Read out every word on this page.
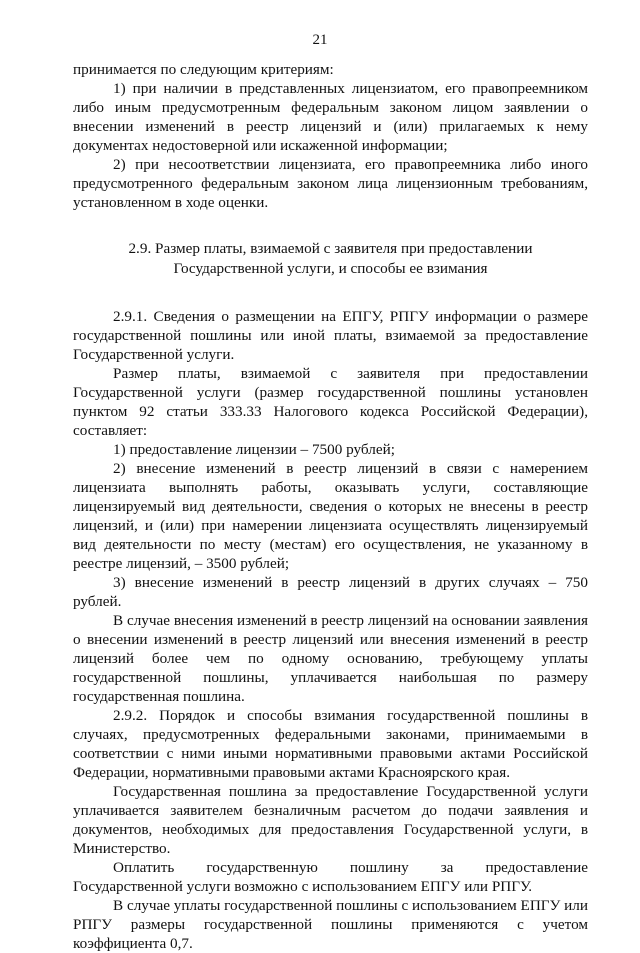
21

принимается по следующим критериям:

1) при наличии в представленных лицензиатом, его правопреемником либо иным предусмотренным федеральным законом лицом заявлении о внесении изменений в реестр лицензий и (или) прилагаемых к нему документах недостоверной или искаженной информации;

2) при несоответствии лицензиата, его правопреемника либо иного предусмотренного федеральным законом лица лицензионным требованиям, установленном в ходе оценки.

2.9. Размер платы, взимаемой с заявителя при предоставлении
Государственной услуги, и способы ее взимания

2.9.1. Сведения о размещении на ЕПГУ, РПГУ информации о размере государственной пошлины или иной платы, взимаемой за предоставление Государственной услуги.

Размер платы, взимаемой с заявителя при предоставлении Государственной услуги (размер государственной пошлины установлен пунктом 92 статьи 333.33 Налогового кодекса Российской Федерации), составляет:

1) предоставление лицензии – 7500 рублей;

2) внесение изменений в реестр лицензий в связи с намерением лицензиата выполнять работы, оказывать услуги, составляющие лицензируемый вид деятельности, сведения о которых не внесены в реестр лицензий, и (или) при намерении лицензиата осуществлять лицензируемый вид деятельности по месту (местам) его осуществления, не указанному в реестре лицензий, – 3500 рублей;

3) внесение изменений в реестр лицензий в других случаях – 750 рублей.

В случае внесения изменений в реестр лицензий на основании заявления о внесении изменений в реестр лицензий или внесения изменений в реестр лицензий более чем по одному основанию, требующему уплаты государственной пошлины, уплачивается наибольшая по размеру государственная пошлина.

2.9.2. Порядок и способы взимания государственной пошлины в случаях, предусмотренных федеральными законами, принимаемыми в соответствии с ними иными нормативными правовыми актами Российской Федерации, нормативными правовыми актами Красноярского края.

Государственная пошлина за предоставление Государственной услуги уплачивается заявителем безналичным расчетом до подачи заявления и документов, необходимых для предоставления Государственной услуги, в Министерство.

Оплатить государственную пошлину за предоставление Государственной услуги возможно с использованием ЕПГУ или РПГУ.

В случае уплаты государственной пошлины с использованием ЕПГУ или РПГУ размеры государственной пошлины применяются с учетом коэффициента 0,7.
